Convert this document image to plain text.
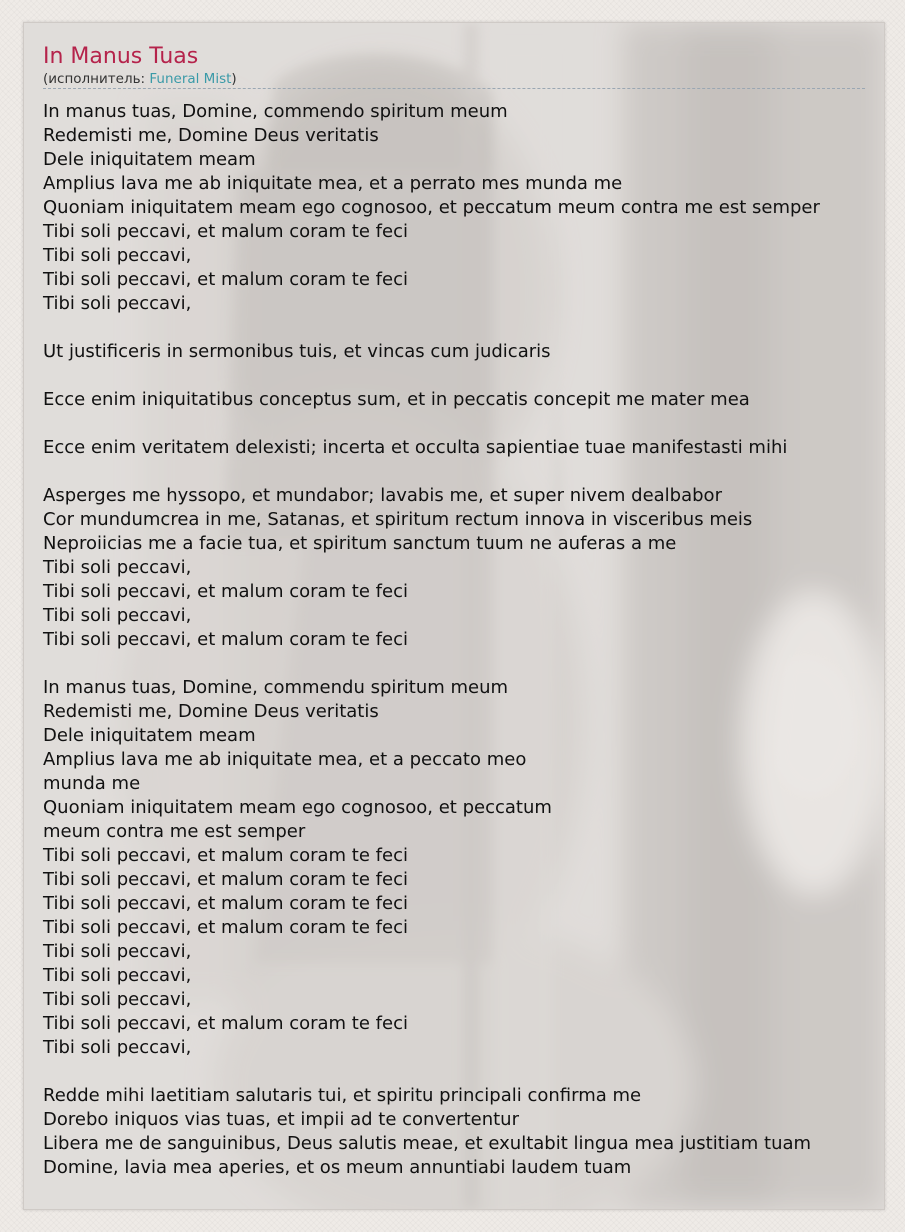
In Manus Tuas
(исполнитель: Funeral Mist)
In manus tuas, Domine, commendo spiritum meum
Redemisti me, Domine Deus veritatis
Dele iniquitatem meam
Amplius lava me ab iniquitate mea, et a perrato mes munda me
Quoniam iniquitatem meam ego cognosoo, et peccatum meum contra me est semper
Tibi soli peccavi, et malum coram te feci
Tibi soli peccavi,
Tibi soli peccavi, et malum coram te feci
Tibi soli peccavi,
Ut justificeris in sermonibus tuis, et vincas cum judicaris
Ecce enim iniquitatibus conceptus sum, et in peccatis concepit me mater mea
Ecce enim veritatem delexisti; incerta et occulta sapientiae tuae manifestasti mihi
Asperges me hyssopo, et mundabor; lavabis me, et super nivem dealbabor
Cor mundumcrea in me, Satanas, et spiritum rectum innova in visceribus meis
Neproiicias me a facie tua, et spiritum sanctum tuum ne auferas a me
Tibi soli peccavi,
Tibi soli peccavi, et malum coram te feci
Tibi soli peccavi,
Tibi soli peccavi, et malum coram te feci
In manus tuas, Domine, commendu spiritum meum
Redemisti me, Domine Deus veritatis
Dele iniquitatem meam
Amplius lava me ab iniquitate mea, et a peccato meo
munda me
Quoniam iniquitatem meam ego cognosoo, et peccatum
meum contra me est semper
Tibi soli peccavi, et malum coram te feci
Tibi soli peccavi, et malum coram te feci
Tibi soli peccavi, et malum coram te feci
Tibi soli peccavi, et malum coram te feci
Tibi soli peccavi,
Tibi soli peccavi,
Tibi soli peccavi,
Tibi soli peccavi, et malum coram te feci
Tibi soli peccavi,
Redde mihi laetitiam salutaris tui, et spiritu principali confirma me
Dorebo iniquos vias tuas, et impii ad te convertentur
Libera me de sanguinibus, Deus salutis meae, et exultabit lingua mea justitiam tuam
Domine, lavia mea aperies, et os meum annuntiabi laudem tuam
